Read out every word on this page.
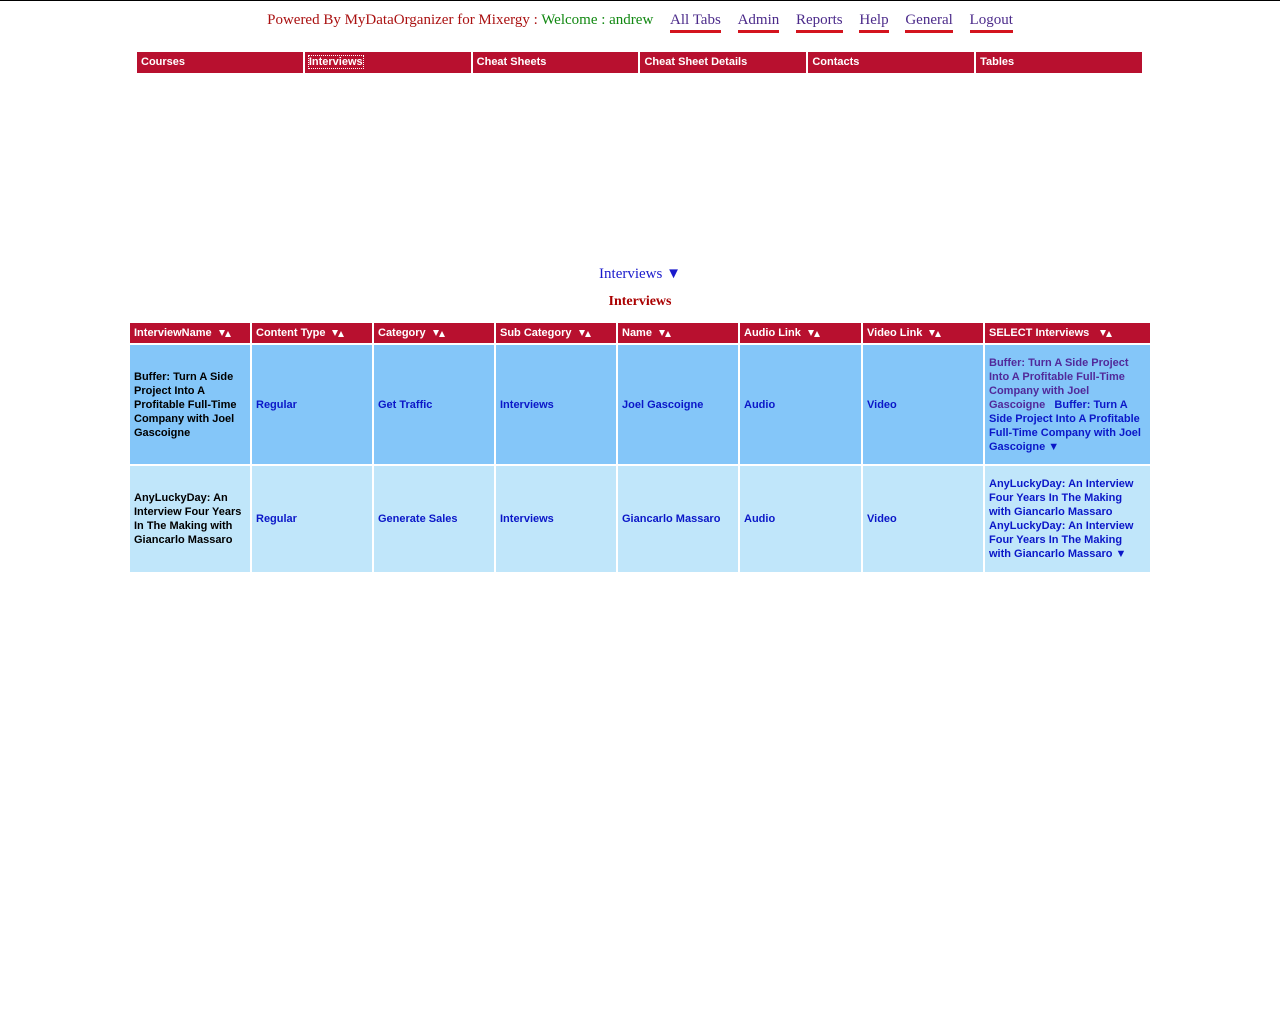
Powered By MyDataOrganizer for Mixergy : Welcome : andrew All Tabs Admin Reports Help General Logout
Courses	Interviews	Cheat Sheets	Cheat Sheet Details	Contacts	Tables
Interviews ▼
Interviews
InterviewName	Content Type	Category	Sub Category	Name	Audio Link	Video Link	SELECT Interviews
Buffer: Turn A Side Project Into A Profitable Full-Time Company with Joel Gascoigne	Regular	Get Traffic	Interviews	Joel Gascoigne	Audio	Video	Buffer: Turn A Side Project Into A Profitable Full-Time Company with Joel Gascoigne Buffer: Turn A Side Project Into A Profitable Full-Time Company with Joel Gascoigne ▼
AnyLuckyDay: An Interview Four Years In The Making with Giancarlo Massaro	Regular	Generate Sales	Interviews	Giancarlo Massaro	Audio	Video	AnyLuckyDay: An Interview Four Years In The Making with Giancarlo Massaro   AnyLuckyDay: An Interview Four Years In The Making with Giancarlo Massaro ▼
